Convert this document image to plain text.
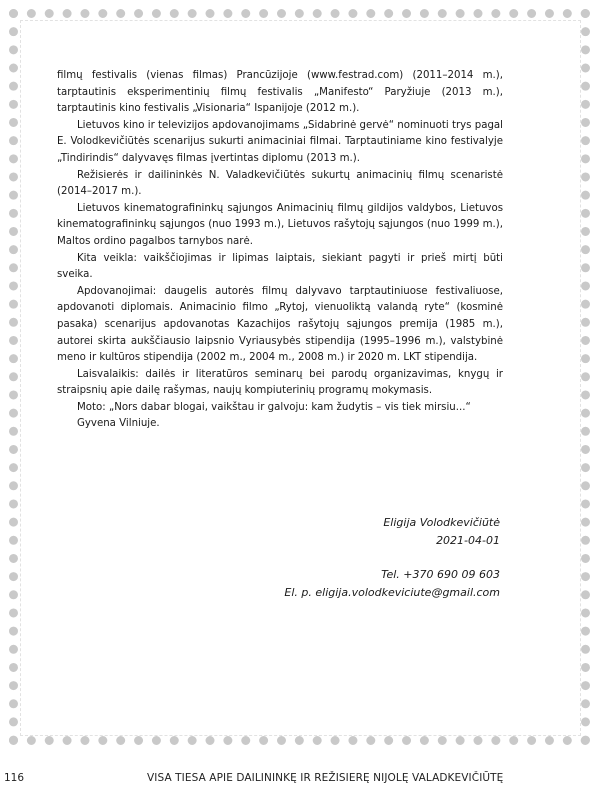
filmų festivalis (vienas filmas) Prancūzijoje (www.festrad.com) (2011–2014 m.), tarptautinis eksperimentinių filmų festivalis „Manifesto“ Paryžiuje (2013 m.), tarptautinis kino festivalis „Visionaria“ Ispanijoje (2012 m.).

Lietuvos kino ir televizijos apdovanojimams „Sidabrinė gervė“ nominuoti trys pagal E. Volodkevičiūtės scenarijus sukurti animaciniai filmai. Tarptautiniame kino festivalyje „Tindirindis“ dalyvavęs filmas įvertintas diplomu (2013 m.).

Režisierės ir dailininkės N. Valadkevičiūtės sukurtų animacinių filmų scenaristė (2014–2017 m.).

Lietuvos kinematografininkų sąjungos Animacinių filmų gildijos valdybos, Lietuvos kinematografininkų sąjungos (nuo 1993 m.), Lietuvos rašytojų sąjungos (nuo 1999 m.), Maltos ordino pagalbos tarnybos narė.

Kita veikla: vaikščiojimas ir lipimas laiptais, siekiant pagyti ir prieš mirtį būti sveika.

Apdovanojimai: daugelis autorės filmų dalyvavo tarptautiniuose festivaliuose, apdovanoti diplomais. Animacinio filmo „Rytoj, vienuoliktą valandą ryte“ (kosminė pasaka) scenarijus apdovanotas Kazachijos rašytojų sąjungos premija (1985 m.), autorei skirta aukščiausio laipsnio Vyriausybės stipendija (1995–1996 m.), valstybinė meno ir kultūros stipendija (2002 m., 2004 m., 2008 m.) ir 2020 m. LKT stipendija.

Laisvalaikis: dailės ir literatūros seminarų bei parodų organizavimas, knygų ir straipsnių apie dailę rašymas, naujų kompiuterinių programų mokymasis.

Moto: „Nors dabar blogai, vaikštau ir galvoju: kam žudytis – vis tiek mirsiu...“

Gyvena Vilniuje.

Eligija Volodkevičiūtė
2021-04-01
Tel. +370 690 09 603
El. p. eligija.volodkeviciute@gmail.com
116	VISA TIESA APIE DAILININKĘ IR REŽISIERĘ NIJOLĘ VALADKEVIČIŪTĘ
